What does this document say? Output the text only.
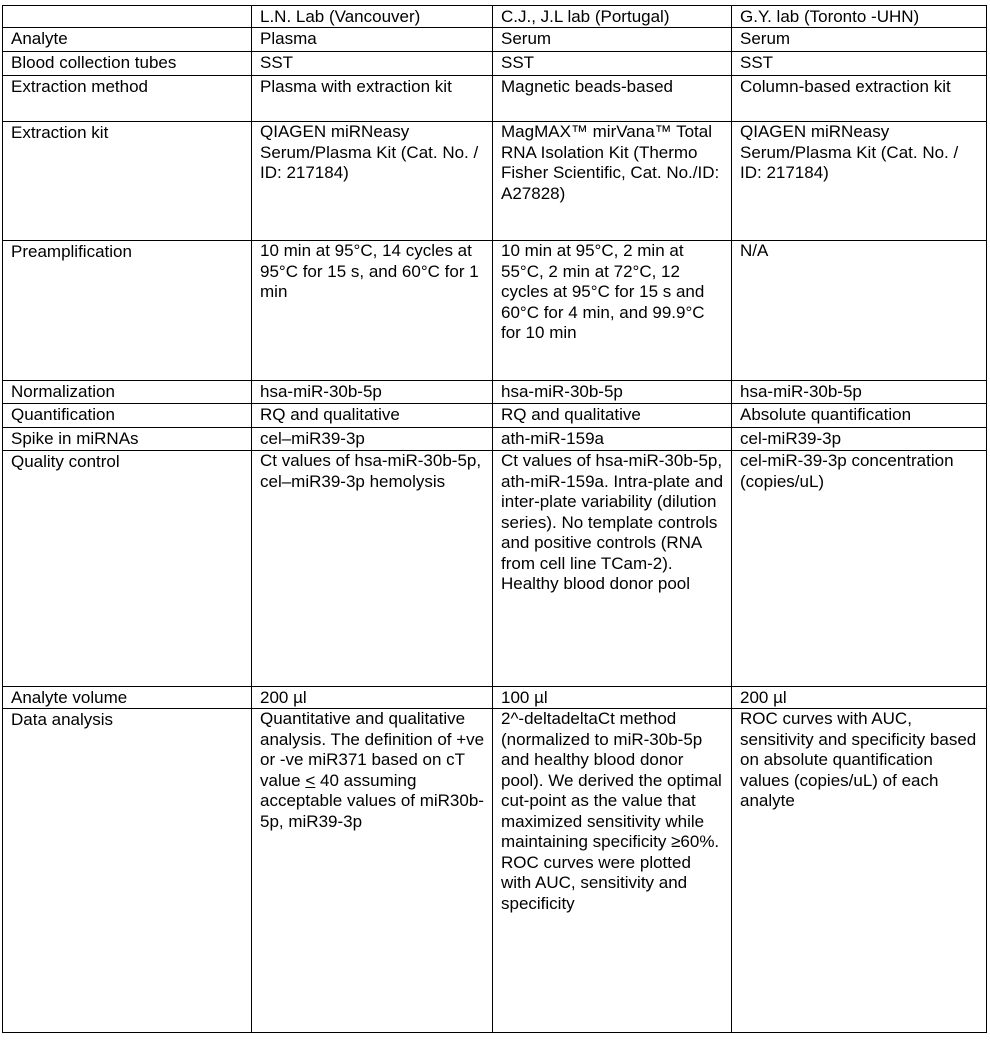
	L.N. Lab (Vancouver)	C.J., J.L lab (Portugal)	G.Y. lab (Toronto -UHN)
Analyte	Plasma	Serum	Serum
Blood collection tubes	SST	SST	SST
Extraction method	Plasma with extraction kit	Magnetic beads-based	Column-based extraction kit
Extraction kit	QIAGEN miRNeasy Serum/Plasma Kit (Cat. No. / ID: 217184)	MagMAX™ mirVana™ Total RNA Isolation Kit (Thermo Fisher Scientific, Cat. No./ID: A27828)	QIAGEN miRNeasy Serum/Plasma Kit (Cat. No. / ID: 217184)
Preamplification	10 min at 95°C, 14 cycles at 95°C for 15 s, and 60°C for 1 min	10 min at 95°C, 2 min at 55°C, 2 min at 72°C, 12 cycles at 95°C for 15 s and 60°C for 4 min, and 99.9°C for 10 min	N/A
Normalization	hsa-miR-30b-5p	hsa-miR-30b-5p	hsa-miR-30b-5p
Quantification	RQ and qualitative	RQ and qualitative	Absolute quantification
Spike in miRNAs	cel–miR39-3p	ath-miR-159a	cel-miR39-3p
Quality control	Ct values of hsa-miR-30b-5p, cel–miR39-3p hemolysis	Ct values of hsa-miR-30b-5p, ath-miR-159a. Intra-plate and inter-plate variability (dilution series). No template controls and positive controls (RNA from cell line TCam-2). Healthy blood donor pool	cel-miR-39-3p concentration (copies/uL)
Analyte volume	200 µl	100 µl	200 µl
Data analysis	Quantitative and qualitative analysis. The definition of +ve or -ve miR371 based on cT value ≤ 40 assuming acceptable values of miR30b-5p, miR39-3p	2^-deltadeltaCt method (normalized to miR-30b-5p and healthy blood donor pool). We derived the optimal cut-point as the value that maximized sensitivity while maintaining specificity ≥60%. ROC curves were plotted with AUC, sensitivity and specificity	ROC curves with AUC, sensitivity and specificity based on absolute quantification values (copies/uL) of each analyte
